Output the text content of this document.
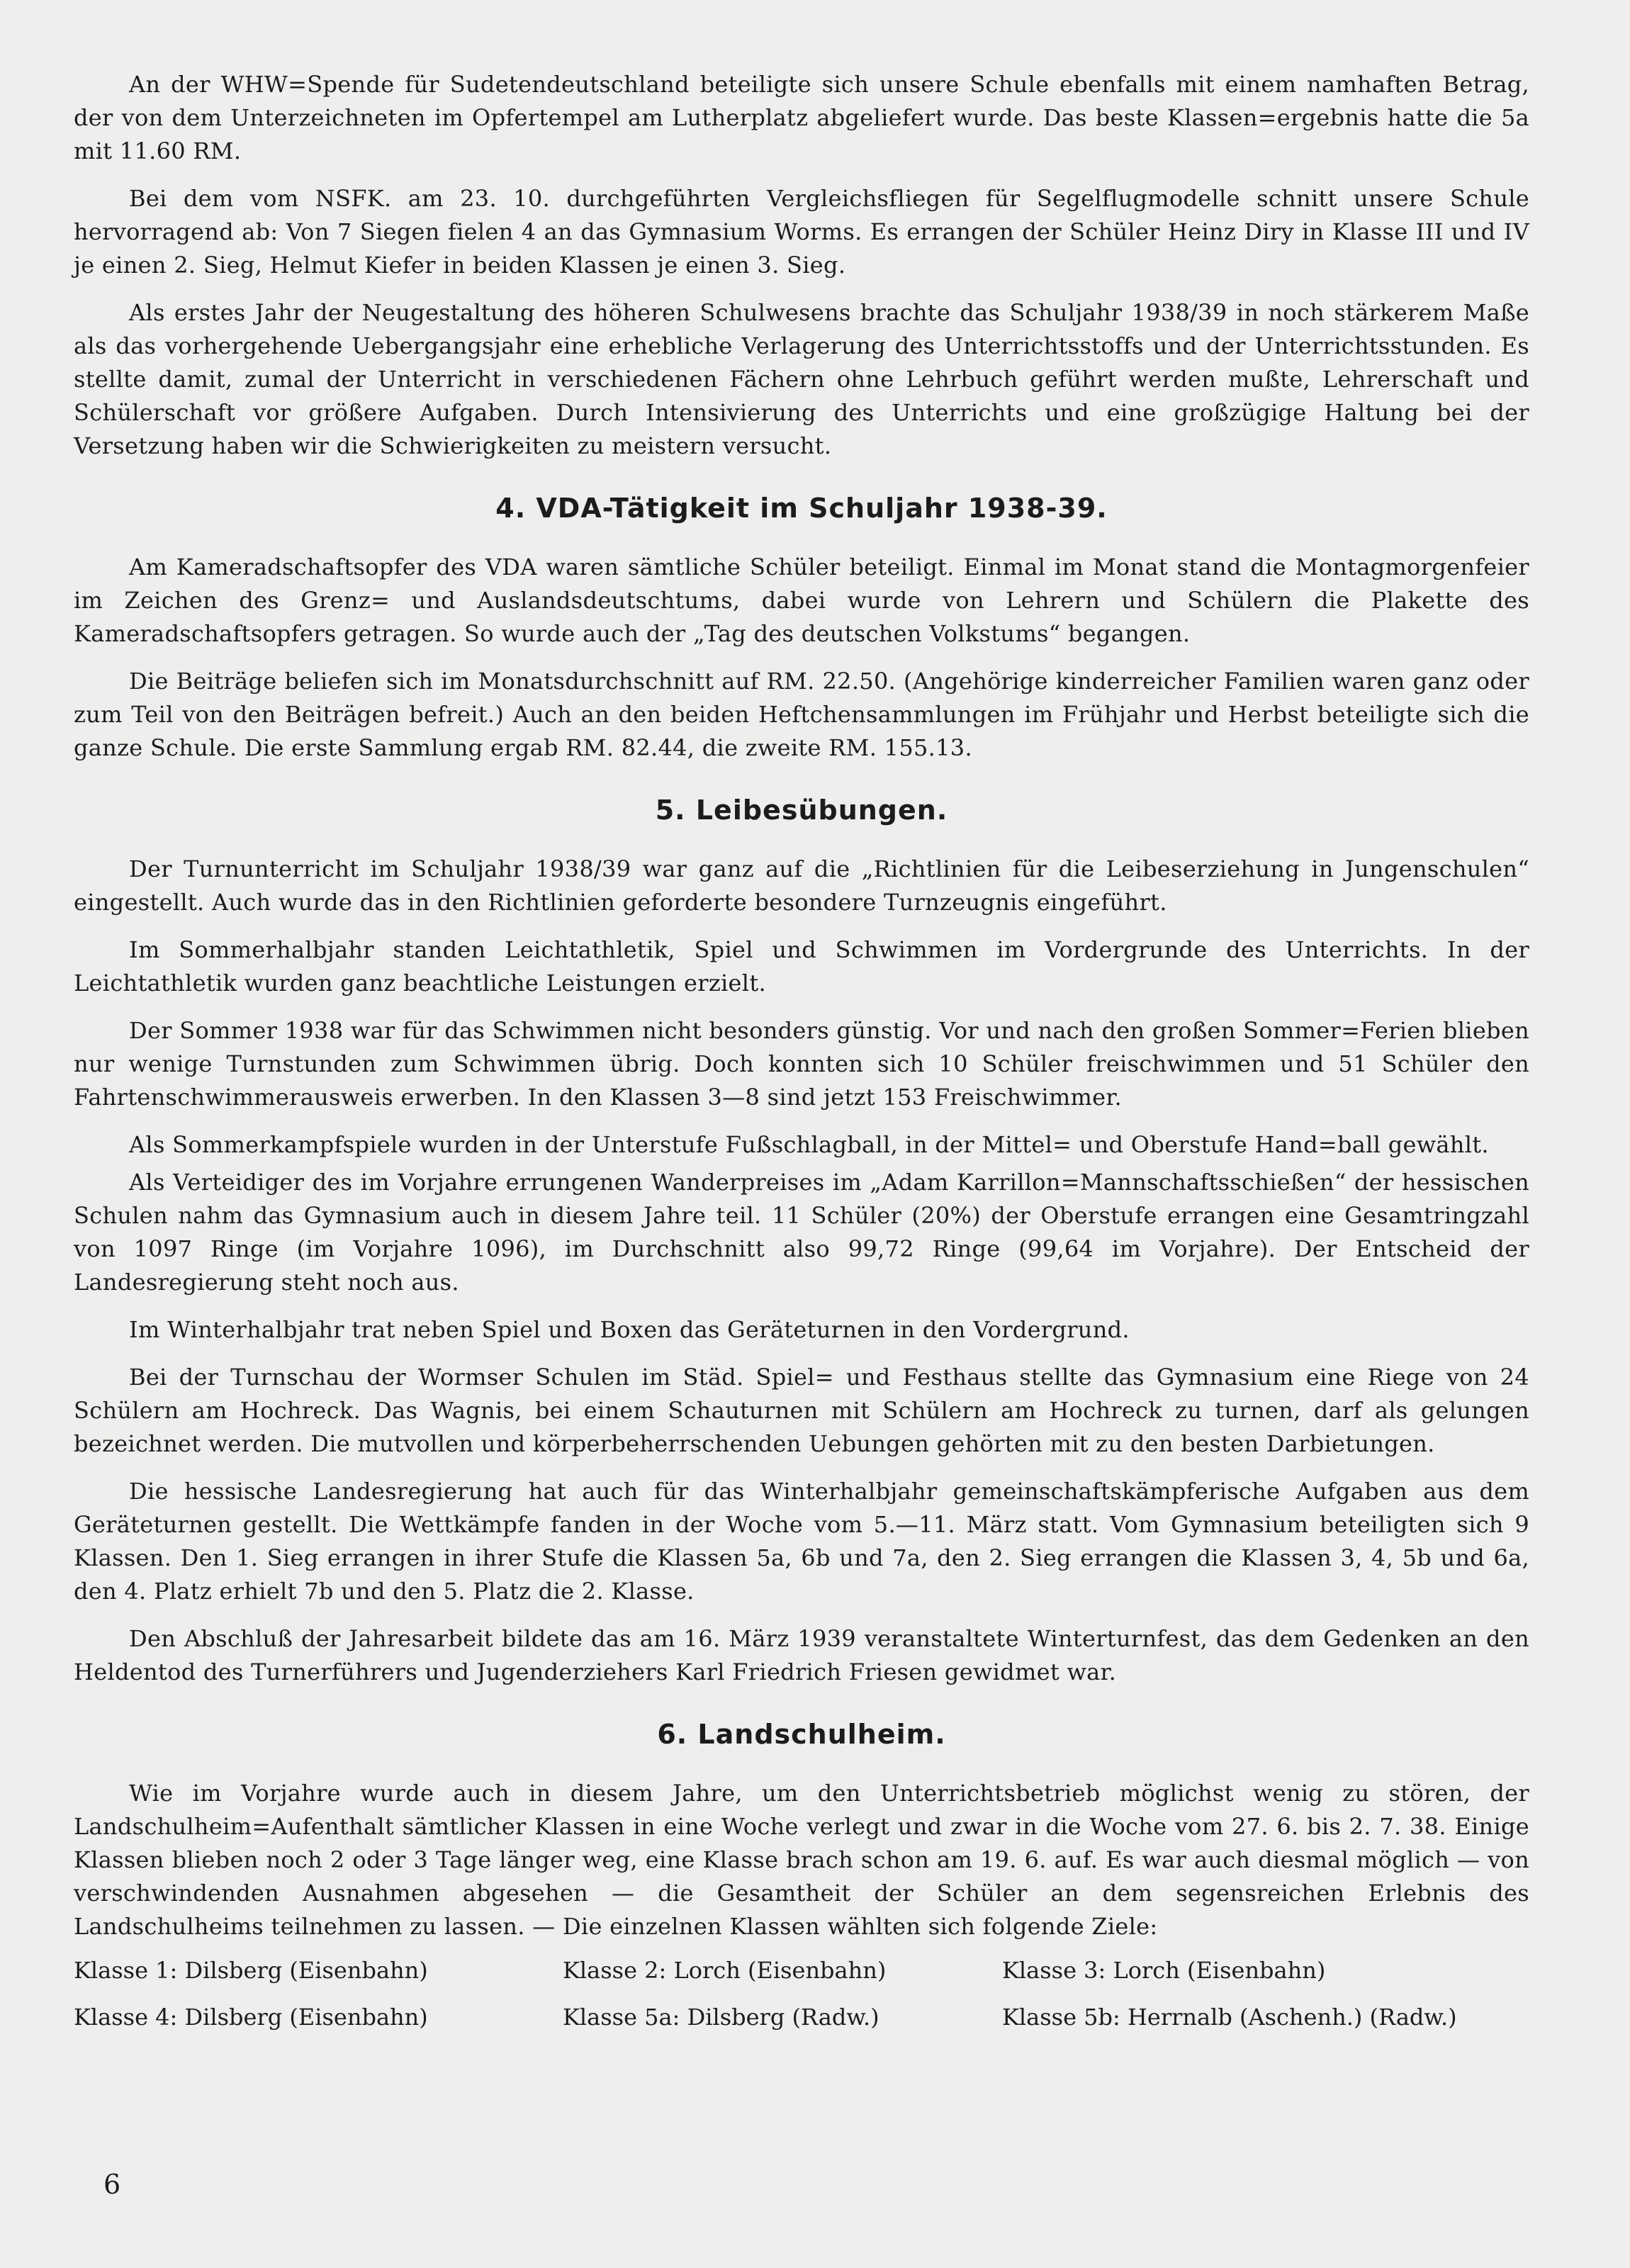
An der WHW=Spende für Sudetendeutschland beteiligte sich unsere Schule ebenfalls mit einem namhaften Betrag, der von dem Unterzeichneten im Opfertempel am Lutherplatz abgeliefert wurde. Das beste Klassen=ergebnis hatte die 5a mit 11.60 RM.

Bei dem vom NSFK. am 23. 10. durchgeführten Vergleichsfliegen für Segelflugmodelle schnitt unsere Schule hervorragend ab: Von 7 Siegen fielen 4 an das Gymnasium Worms. Es errangen der Schüler Heinz Diry in Klasse III und IV je einen 2. Sieg, Helmut Kiefer in beiden Klassen je einen 3. Sieg.

Als erstes Jahr der Neugestaltung des höheren Schulwesens brachte das Schuljahr 1938/39 in noch stärkerem Maße als das vorhergehende Uebergangsjahr eine erhebliche Verlagerung des Unterrichtsstoffs und der Unterrichtsstunden. Es stellte damit, zumal der Unterricht in verschiedenen Fächern ohne Lehrbuch geführt werden mußte, Lehrerschaft und Schülerschaft vor größere Aufgaben. Durch Intensivierung des Unterrichts und eine großzügige Haltung bei der Versetzung haben wir die Schwierigkeiten zu meistern versucht.

4. VDA-Tätigkeit im Schuljahr 1938-39.

Am Kameradschaftsopfer des VDA waren sämtliche Schüler beteiligt. Einmal im Monat stand die Montagmorgenfeier im Zeichen des Grenz= und Auslandsdeutschtums, dabei wurde von Lehrern und Schülern die Plakette des Kameradschaftsopfers getragen. So wurde auch der „Tag des deutschen Volkstums“ begangen.

Die Beiträge beliefen sich im Monatsdurchschnitt auf RM. 22.50. (Angehörige kinderreicher Familien waren ganz oder zum Teil von den Beiträgen befreit.) Auch an den beiden Heftchensammlungen im Frühjahr und Herbst beteiligte sich die ganze Schule. Die erste Sammlung ergab RM. 82.44, die zweite RM. 155.13.

5. Leibesübungen.

Der Turnunterricht im Schuljahr 1938/39 war ganz auf die „Richtlinien für die Leibeserziehung in Jungenschulen“ eingestellt. Auch wurde das in den Richtlinien geforderte besondere Turnzeugnis eingeführt.

Im Sommerhalbjahr standen Leichtathletik, Spiel und Schwimmen im Vordergrunde des Unterrichts. In der Leichtathletik wurden ganz beachtliche Leistungen erzielt.

Der Sommer 1938 war für das Schwimmen nicht besonders günstig. Vor und nach den großen Sommer=Ferien blieben nur wenige Turnstunden zum Schwimmen übrig. Doch konnten sich 10 Schüler freischwimmen und 51 Schüler den Fahrtenschwimmerausweis erwerben. In den Klassen 3—8 sind jetzt 153 Freischwimmer.

Als Sommerkampfspiele wurden in der Unterstufe Fußschlagball, in der Mittel= und Oberstufe Hand=ball gewählt.

Als Verteidiger des im Vorjahre errungenen Wanderpreises im „Adam Karrillon=Mannschaftsschießen“ der hessischen Schulen nahm das Gymnasium auch in diesem Jahre teil. 11 Schüler (20%) der Oberstufe errangen eine Gesamtringzahl von 1097 Ringe (im Vorjahre 1096), im Durchschnitt also 99,72 Ringe (99,64 im Vorjahre). Der Entscheid der Landesregierung steht noch aus.

Im Winterhalbjahr trat neben Spiel und Boxen das Geräteturnen in den Vordergrund.

Bei der Turnschau der Wormser Schulen im Städ. Spiel= und Festhaus stellte das Gymnasium eine Riege von 24 Schülern am Hochreck. Das Wagnis, bei einem Schauturnen mit Schülern am Hochreck zu turnen, darf als gelungen bezeichnet werden. Die mutvollen und körperbeherrschenden Uebungen gehörten mit zu den besten Darbietungen.

Die hessische Landesregierung hat auch für das Winterhalbjahr gemeinschaftskämpferische Aufgaben aus dem Geräteturnen gestellt. Die Wettkämpfe fanden in der Woche vom 5.—11. März statt. Vom Gymnasium beteiligten sich 9 Klassen. Den 1. Sieg errangen in ihrer Stufe die Klassen 5a, 6b und 7a, den 2. Sieg errangen die Klassen 3, 4, 5b und 6a, den 4. Platz erhielt 7b und den 5. Platz die 2. Klasse.

Den Abschluß der Jahresarbeit bildete das am 16. März 1939 veranstaltete Winterturnfest, das dem Gedenken an den Heldentod des Turnerführers und Jugenderziehers Karl Friedrich Friesen gewidmet war.

6. Landschulheim.

Wie im Vorjahre wurde auch in diesem Jahre, um den Unterrichtsbetrieb möglichst wenig zu stören, der Landschulheim=Aufenthalt sämtlicher Klassen in eine Woche verlegt und zwar in die Woche vom 27. 6. bis 2. 7. 38. Einige Klassen blieben noch 2 oder 3 Tage länger weg, eine Klasse brach schon am 19. 6. auf. Es war auch diesmal möglich — von verschwindenden Ausnahmen abgesehen — die Gesamtheit der Schüler an dem segensreichen Erlebnis des Landschulheims teilnehmen zu lassen. — Die einzelnen Klassen wählten sich folgende Ziele:

Klasse 1: Dilsberg (Eisenbahn)	Klasse 2: Lorch (Eisenbahn)	Klasse 3: Lorch (Eisenbahn)
Klasse 4: Dilsberg (Eisenbahn)	Klasse 5a: Dilsberg (Radw.)	Klasse 5b: Herrnalb (Aschenh.) (Radw.)
6
